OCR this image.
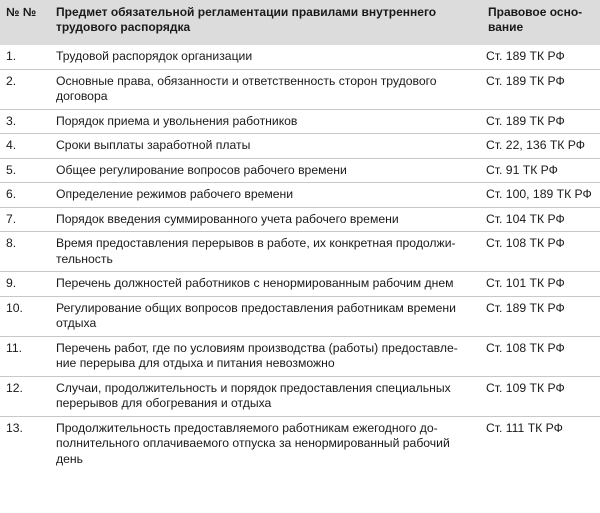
№ №	Предмет обязательной регламентации правилами внутреннего трудового распорядка	Правовое осно-вание
1.	Трудовой распорядок организации	Ст. 189 ТК РФ
2.	Основные права, обязанности и ответственность сторон трудового договора	Ст. 189 ТК РФ
3.	Порядок приема и увольнения работников	Ст. 189 ТК РФ
4.	Сроки выплаты заработной платы	Ст. 22, 136 ТК РФ
5.	Общее регулирование вопросов рабочего времени	Ст. 91 ТК РФ
6.	Определение режимов рабочего времени	Ст. 100, 189 ТК РФ
7.	Порядок введения суммированного учета рабочего времени	Ст. 104 ТК РФ
8.	Время предоставления перерывов в работе, их конкретная продолжи-тельность	Ст. 108 ТК РФ
9.	Перечень должностей работников с ненормированным рабочим днем	Ст. 101 ТК РФ
10.	Регулирование общих вопросов предоставления работникам времени отдыха	Ст. 189 ТК РФ
11.	Перечень работ, где по условиям производства (работы) предоставле-ние перерыва для отдыха и питания невозможно	Ст. 108 ТК РФ
12.	Случаи, продолжительность и порядок предоставления специальных перерывов для обогревания и отдыха	Ст. 109 ТК РФ
13.	Продолжительность предоставляемого работникам ежегодного до-полнительного оплачиваемого отпуска за ненормированный рабочий день	Ст. 111 ТК РФ
